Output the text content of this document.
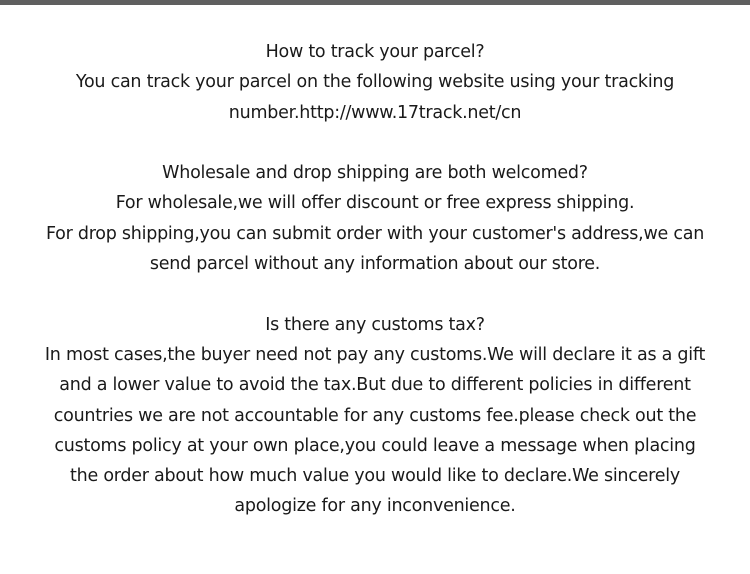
How to track your parcel?
You can track your parcel on the following website using your tracking
number.http://www.17track.net/cn
Wholesale and drop shipping are both welcomed?
For wholesale,we will offer discount or free express shipping.
For drop shipping,you can submit order with your customer's address,we can
send parcel without any information about our store.
Is there any customs tax?
In most cases,the buyer need not pay any customs.We will declare it as a gift
and a lower value to avoid the tax.But due to different policies in different
countries we are not accountable for any customs fee.please check out the
customs policy at your own place,you could leave a message when placing
the order about how much value you would like to declare.We sincerely
apologize for any inconvenience.
